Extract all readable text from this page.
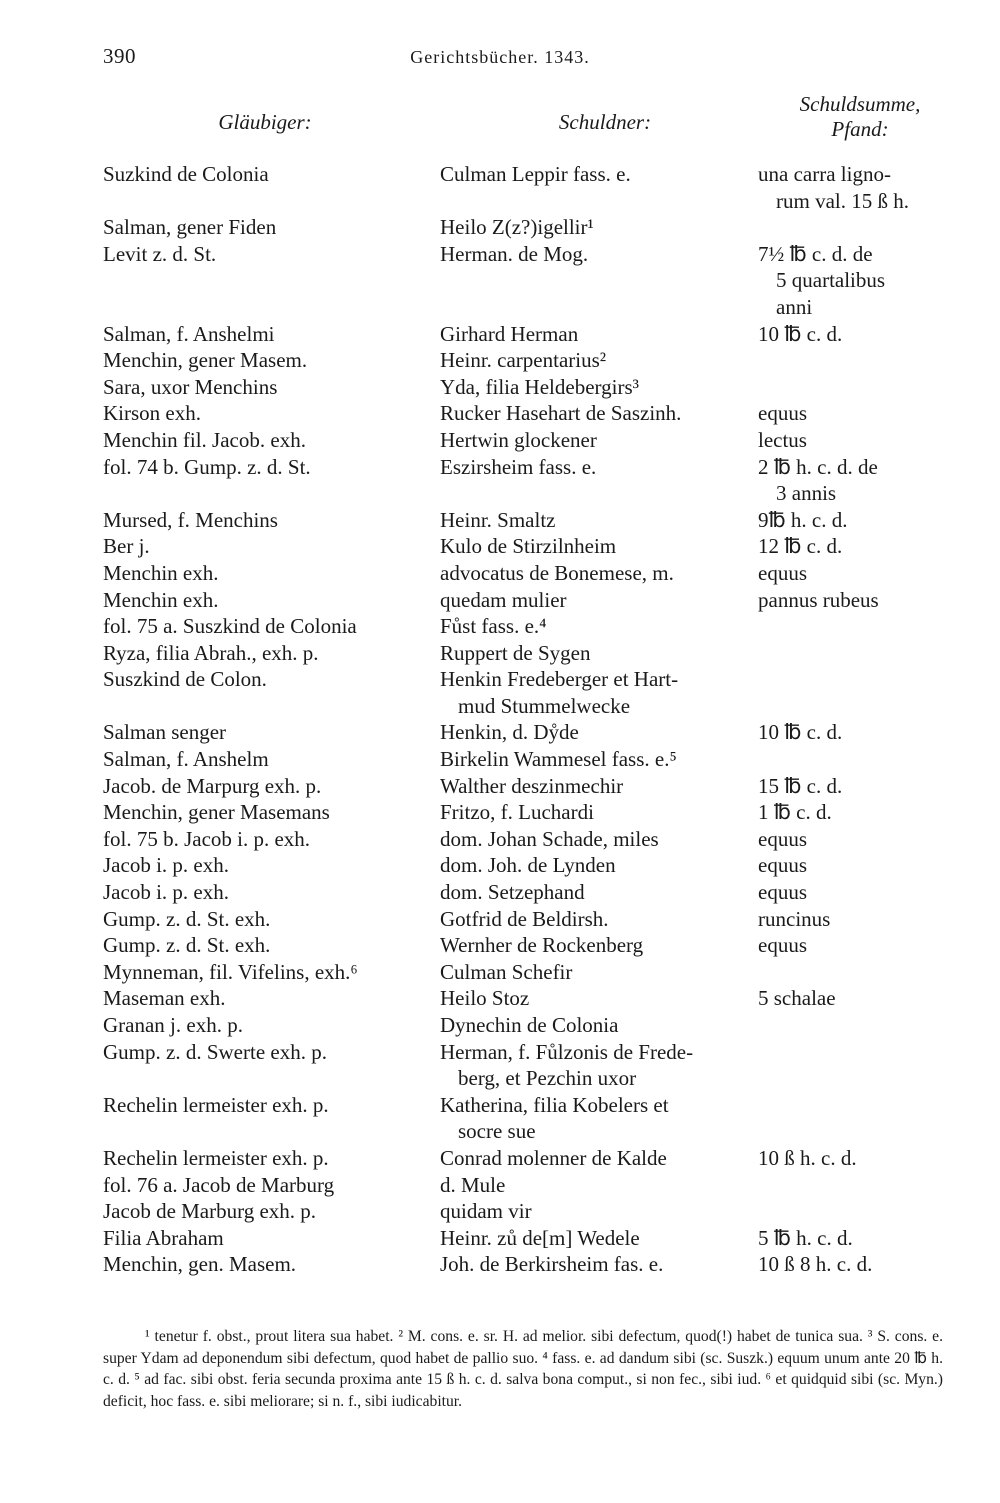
390	Gerichtsbücher. 1343.
Gläubiger:	Schuldner:
Schuldsumme,
Pfand:
Suzkind de Colonia	Culman Leppir fass. e.	una carra ligno-
rum val. 15 ß h.
Salman, gener Fiden	Heilo Z(z?)igellir¹
Levit z. d. St.	Herman. de Mog.	7½ ℔ c. d. de
5 quartalibus
anni
Salman, f. Anshelmi	Girhard Herman	10 ℔ c. d.
Menchin, gener Masem.	Heinr. carpentarius²
Sara, uxor Menchins	Yda, filia Heldebergirs³
Kirson exh.	Rucker Hasehart de Saszinh.	equus
Menchin fil. Jacob. exh.	Hertwin glockener	lectus
fol. 74 b. Gump. z. d. St.	Eszirsheim fass. e.	2 ℔ h. c. d. de
3 annis
Mursed, f. Menchins	Heinr. Smaltz	9℔ h. c. d.
Ber j.	Kulo de Stirzilnheim	12 ℔ c. d.
Menchin exh.	advocatus de Bonemese, m.	equus
Menchin exh.	quedam mulier	pannus rubeus
fol. 75 a. Suszkind de Colonia	Fůst fass. e.⁴
Ryza, filia Abrah., exh. p.	Ruppert de Sygen
Suszkind de Colon.	Henkin Fredeberger et Hart-
mud Stummelwecke
Salman senger	Henkin, d. Dẙde	10 ℔ c. d.
Salman, f. Anshelm	Birkelin Wammesel fass. e.⁵
Jacob. de Marpurg exh. p.	Walther deszinmechir	15 ℔ c. d.
Menchin, gener Masemans	Fritzo, f. Luchardi	1 ℔ c. d.
fol. 75 b. Jacob i. p. exh.	dom. Johan Schade, miles	equus
Jacob i. p. exh.	dom. Joh. de Lynden	equus
Jacob i. p. exh.	dom. Setzephand	equus
Gump. z. d. St. exh.	Gotfrid de Beldirsh.	runcinus
Gump. z. d. St. exh.	Wernher de Rockenberg	equus
Mynneman, fil. Vifelins, exh.⁶	Culman Schefir
Maseman exh.	Heilo Stoz	5 schalae
Granan j. exh. p.	Dynechin de Colonia
Gump. z. d. Swerte exh. p.	Herman, f. Fůlzonis de Frede-
berg, et Pezchin uxor
Rechelin lermeister exh. p.	Katherina, filia Kobelers et
socre sue
Rechelin lermeister exh. p.	Conrad molenner de Kalde	10 ß h. c. d.
fol. 76 a. Jacob de Marburg	d. Mule
Jacob de Marburg exh. p.	quidam vir
Filia Abraham	Heinr. zů de[m] Wedele	5 ℔ h. c. d.
Menchin, gen. Masem.	Joh. de Berkirsheim fas. e.	10 ß 8 h. c. d.
¹ tenetur f. obst., prout litera sua habet. ² M. cons. e. sr. H. ad melior. sibi defectum, quod(!) habet de tunica sua. ³ S. cons. e. super Ydam ad deponendum sibi defectum, quod habet de pallio suo. ⁴ fass. e. ad dandum sibi (sc. Suszk.) equum unum ante 20 ℔ h. c. d. ⁵ ad fac. sibi obst. feria secunda proxima ante 15 ß h. c. d. salva bona comput., si non fec., sibi iud. ⁶ et quidquid sibi (sc. Myn.) deficit, hoc fass. e. sibi meliorare; si n. f., sibi iudicabitur.
